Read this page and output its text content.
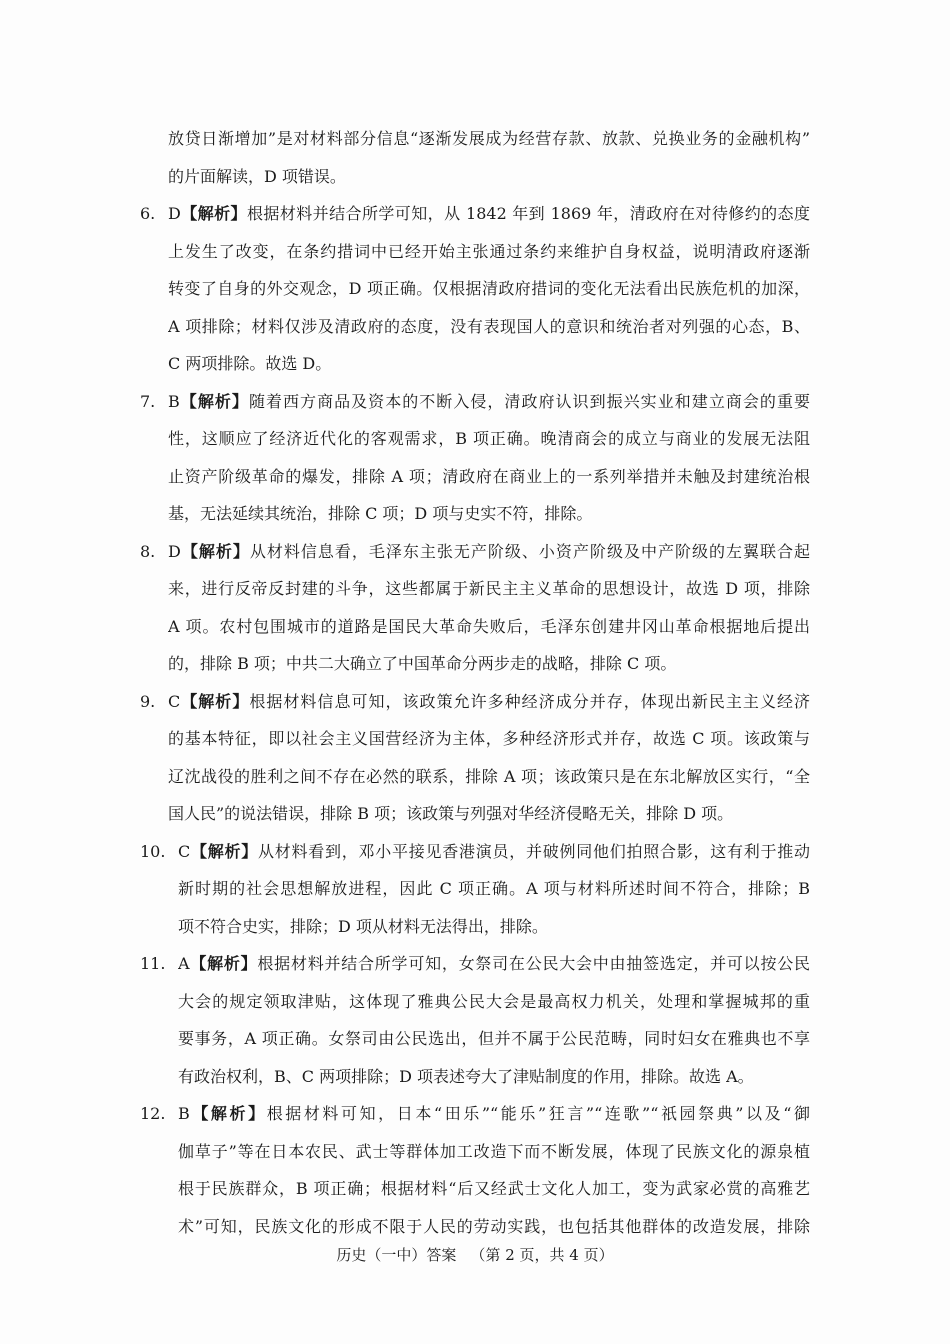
放贷日渐增加”是对材料部分信息“逐渐发展成为经营存款、放款、兑换业务的金融机构”
的片面解读，D 项错误。
6. D【解析】根据材料并结合所学可知，从 1842 年到 1869 年，清政府在对待修约的态度
上发生了改变，在条约措词中已经开始主张通过条约来维护自身权益，说明清政府逐渐
转变了自身的外交观念，D 项正确。仅根据清政府措词的变化无法看出民族危机的加深，
A 项排除；材料仅涉及清政府的态度，没有表现国人的意识和统治者对列强的心态，B、
C 两项排除。故选 D。
7. B【解析】随着西方商品及资本的不断入侵，清政府认识到振兴实业和建立商会的重要
性，这顺应了经济近代化的客观需求，B 项正确。晚清商会的成立与商业的发展无法阻
止资产阶级革命的爆发，排除 A 项；清政府在商业上的一系列举措并未触及封建统治根
基，无法延续其统治，排除 C 项；D 项与史实不符，排除。
8. D【解析】从材料信息看，毛泽东主张无产阶级、小资产阶级及中产阶级的左翼联合起
来，进行反帝反封建的斗争，这些都属于新民主主义革命的思想设计，故选 D 项，排除
A 项。农村包围城市的道路是国民大革命失败后，毛泽东创建井冈山革命根据地后提出
的，排除 B 项；中共二大确立了中国革命分两步走的战略，排除 C 项。
9. C【解析】根据材料信息可知，该政策允许多种经济成分并存，体现出新民主主义经济
的基本特征，即以社会主义国营经济为主体，多种经济形式并存，故选 C 项。该政策与
辽沈战役的胜利之间不存在必然的联系，排除 A 项；该政策只是在东北解放区实行，“全
国人民”的说法错误，排除 B 项；该政策与列强对华经济侵略无关，排除 D 项。
10. C【解析】从材料看到，邓小平接见香港演员，并破例同他们拍照合影，这有利于推动
新时期的社会思想解放进程，因此 C 项正确。A 项与材料所述时间不符合，排除；B
项不符合史实，排除；D 项从材料无法得出，排除。
11. A【解析】根据材料并结合所学可知，女祭司在公民大会中由抽签选定，并可以按公民
大会的规定领取津贴，这体现了雅典公民大会是最高权力机关，处理和掌握城邦的重
要事务，A 项正确。女祭司由公民选出，但并不属于公民范畴，同时妇女在雅典也不享
有政治权利，B、C 两项排除；D 项表述夸大了津贴制度的作用，排除。故选 A。
12. B【解析】根据材料可知，日本“田乐”“能乐”狂言”“连歌”“祇园祭典”以及“御
伽草子”等在日本农民、武士等群体加工改造下而不断发展，体现了民族文化的源泉植
根于民族群众，B 项正确；根据材料“后又经武士文化人加工，变为武家必赏的高雅艺
术”可知，民族文化的形成不限于人民的劳动实践，也包括其他群体的改造发展，排除
历史（一中）答案 （第 2 页，共 4 页）
